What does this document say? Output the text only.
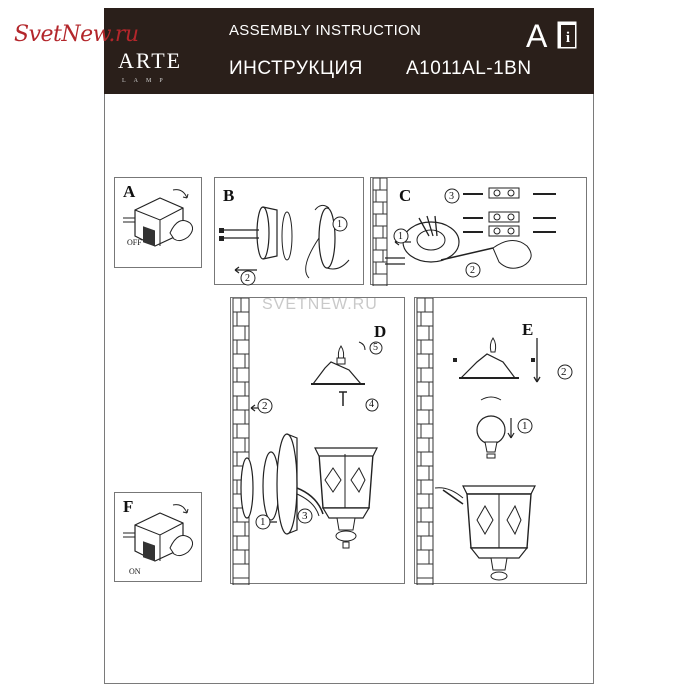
ARTE
LAMP
ASSEMBLY INSTRUCTION
ИНСТРУКЦИЯ A1011AL-1BN
A i
SvetNew.ru
A
OFF
B
1
2
C
1
2
3
D
2
1	3
4
5
E
2
1
F
ON
SVETNEW.RU
